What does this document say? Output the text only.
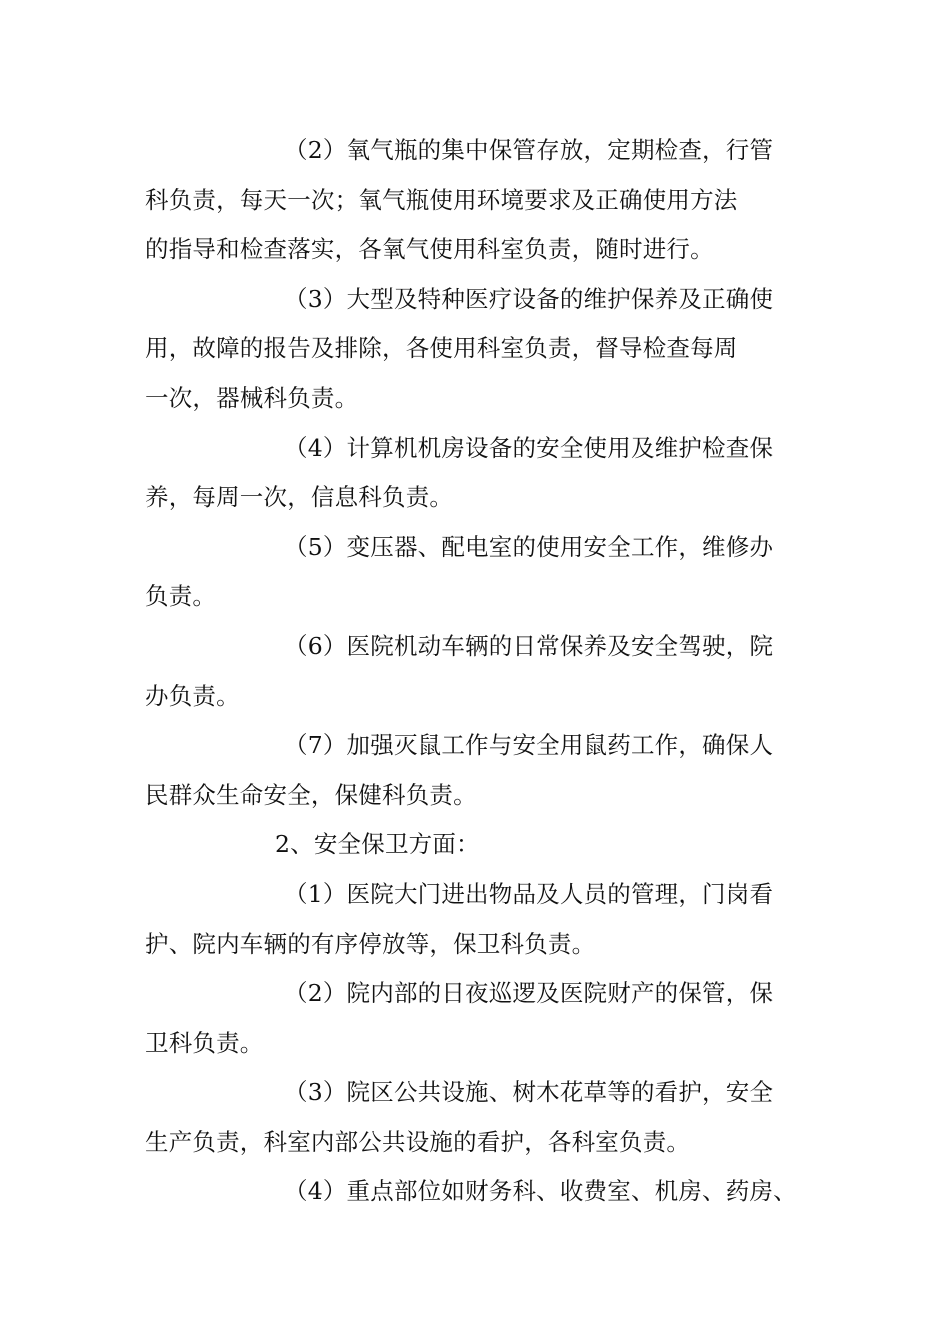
（2）氧气瓶的集中保管存放，定期检查，行管
科负责，每天一次；氧气瓶使用环境要求及正确使用方法
的指导和检查落实，各氧气使用科室负责，随时进行。
（3）大型及特种医疗设备的维护保养及正确使
用，故障的报告及排除，各使用科室负责，督导检查每周
一次，器械科负责。
（4）计算机机房设备的安全使用及维护检查保
养，每周一次，信息科负责。
（5）变压器、配电室的使用安全工作，维修办
负责。
（6）医院机动车辆的日常保养及安全驾驶，院
办负责。
（7）加强灭鼠工作与安全用鼠药工作，确保人
民群众生命安全，保健科负责。
2、安全保卫方面：
（1）医院大门进出物品及人员的管理，门岗看
护、院内车辆的有序停放等，保卫科负责。
（2）院内部的日夜巡逻及医院财产的保管，保
卫科负责。
（3）院区公共设施、树木花草等的看护，安全
生产负责，科室内部公共设施的看护，各科室负责。
（4）重点部位如财务科、收费室、机房、药房、
